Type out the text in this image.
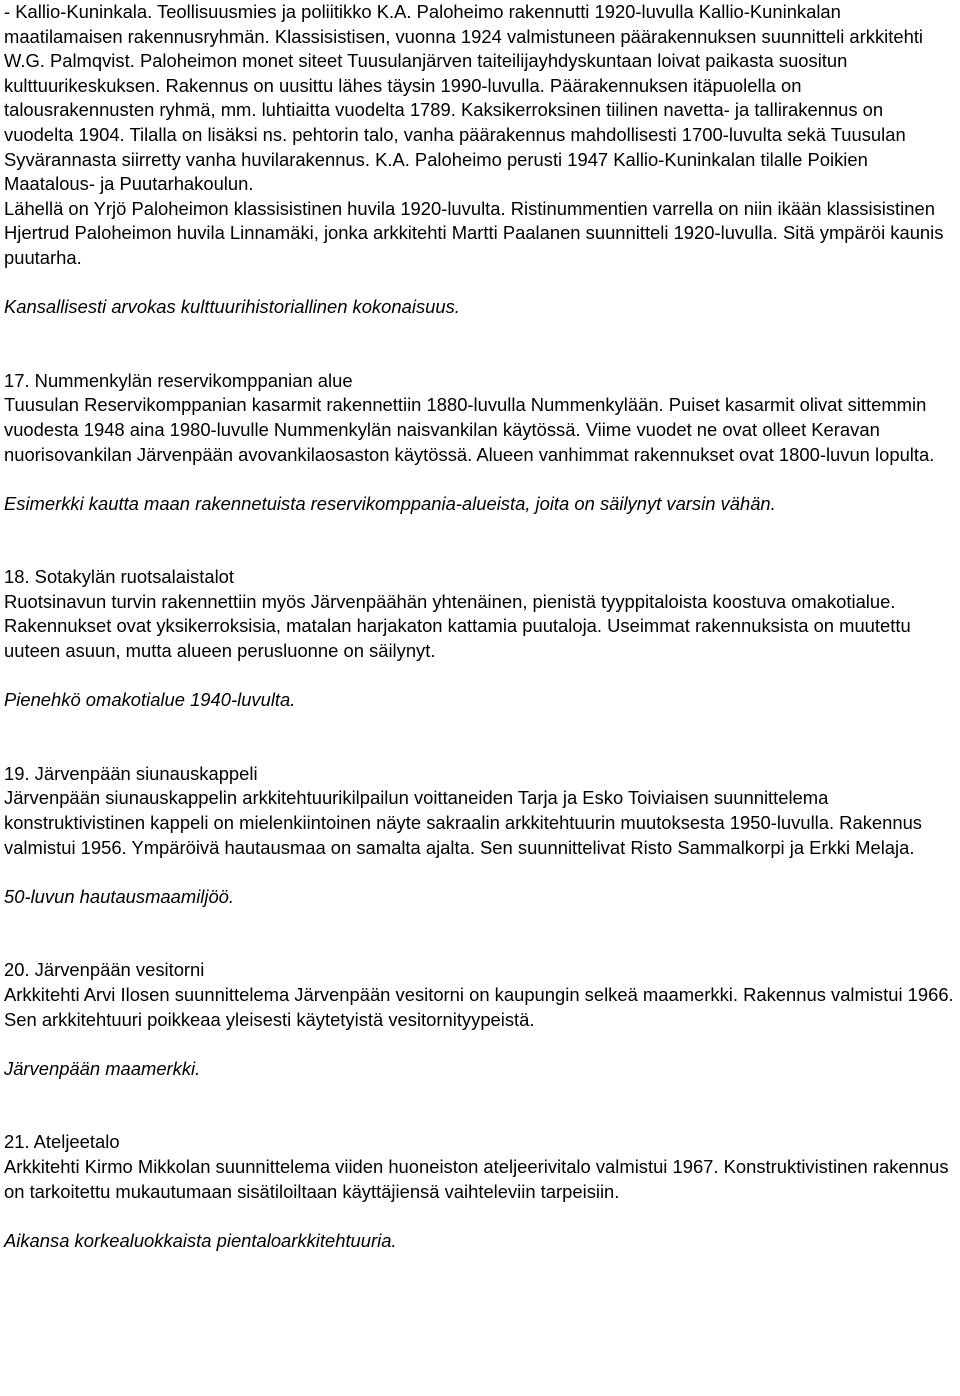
- Kallio-Kuninkala. Teollisuusmies ja poliitikko K.A. Paloheimo rakennutti 1920-luvulla Kallio-Kuninkalan maatilamaisen rakennusryhmän. Klassisistisen, vuonna 1924 valmistuneen päärakennuksen suunnitteli arkkitehti W.G. Palmqvist. Paloheimon monet siteet Tuusulanjärven taiteilijayhdyskuntaan loivat paikasta suositun kulttuurikeskuksen. Rakennus on uusittu lähes täysin 1990-luvulla. Päärakennuksen itäpuolella on talousrakennusten ryhmä, mm. luhtiaitta vuodelta 1789. Kaksikerroksinen tiilinen navetta- ja tallirakennus on vuodelta 1904. Tilalla on lisäksi ns. pehtorin talo, vanha päärakennus mahdollisesti 1700-luvulta sekä Tuusulan Syvärannasta siirretty vanha huvilarakennus. K.A. Paloheimo perusti 1947 Kallio-Kuninkalan tilalle Poikien Maatalous- ja Puutarhakoulun.

Lähellä on Yrjö Paloheimon klassisistinen huvila 1920-luvulta. Ristinummentien varrella on niin ikään klassisistinen Hjertrud Paloheimon huvila Linnamäki, jonka arkkitehti Martti Paalanen suunnitteli 1920-luvulla. Sitä ympäröi kaunis puutarha.

Kansallisesti arvokas kulttuurihistoriallinen kokonaisuus.

17. Nummenkylän reservikomppanian alue

Tuusulan Reservikomppanian kasarmit rakennettiin 1880-luvulla Nummenkylään. Puiset kasarmit olivat sittemmin vuodesta 1948 aina 1980-luvulle Nummenkylän naisvankilan käytössä. Viime vuodet ne ovat olleet Keravan nuorisovankilan Järvenpään avovankilaosaston käytössä. Alueen vanhimmat rakennukset ovat 1800-luvun lopulta.

Esimerkki kautta maan rakennetuista reservikomppania-alueista, joita on säilynyt varsin vähän.

18. Sotakylän ruotsalaistalot

Ruotsinavun turvin rakennettiin myös Järvenpäähän yhtenäinen, pienistä tyyppitaloista koostuva omakotialue. Rakennukset ovat yksikerroksisia, matalan harjakaton kattamia puutaloja. Useimmat rakennuksista on muutettu uuteen asuun, mutta alueen perusluonne on säilynyt.

Pienehkö omakotialue 1940-luvulta.

19. Järvenpään siunauskappeli

Järvenpään siunauskappelin arkkitehtuurikilpailun voittaneiden Tarja ja Esko Toiviaisen suunnittelema konstruktivistinen kappeli on mielenkiintoinen näyte sakraalin arkkitehtuurin muutoksesta 1950-luvulla. Rakennus valmistui 1956. Ympäröivä hautausmaa on samalta ajalta. Sen suunnittelivat Risto Sammalkorpi ja Erkki Melaja.

50-luvun hautausmaamiljöö.

20. Järvenpään vesitorni

Arkkitehti Arvi Ilosen suunnittelema Järvenpään vesitorni on kaupungin selkeä maamerkki. Rakennus valmistui 1966. Sen arkkitehtuuri poikkeaa yleisesti käytetyistä vesitornityypeistä.

Järvenpään maamerkki.

21. Ateljeetalo

Arkkitehti Kirmo Mikkolan suunnittelema viiden huoneiston ateljeerivitalo valmistui 1967. Konstruktivistinen rakennus on tarkoitettu mukautumaan sisätiloiltaan käyttäjiensä vaihteleviin tarpeisiin.

Aikansa korkealuokkaista pientaloarkkitehtuuria.
